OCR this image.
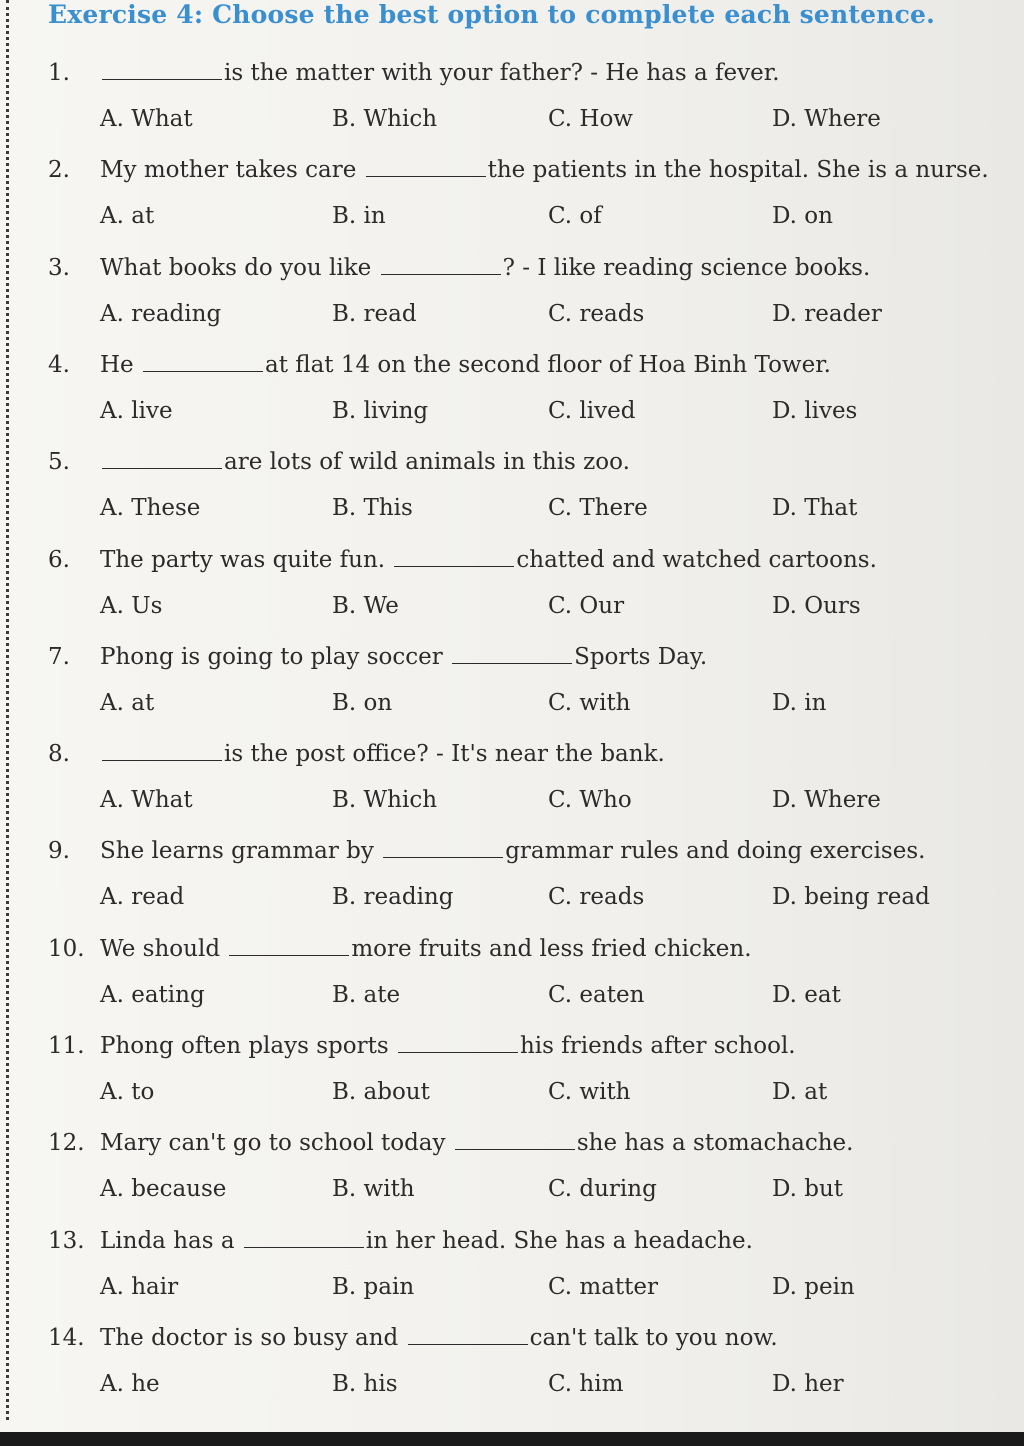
Exercise 4: Choose the best option to complete each sentence.
1.	is the matter with your father? - He has a fever.
A. What	B. Which	C. How	D. Where
2. My mother takes care	the patients in the hospital. She is a nurse.
A. at	B. in	C. of	D. on
3. What books do you like	? - I like reading science books.
A. reading	B. read	C. reads	D. reader
4. He	at flat 14 on the second floor of Hoa Binh Tower.
A. live	B. living	C. lived	D. lives
5.	are lots of wild animals in this zoo.
A. These	B. This	C. There	D. That
6. The party was quite fun.	chatted and watched cartoons.
A. Us	B. We	C. Our	D. Ours
7. Phong is going to play soccer	Sports Day.
A. at	B. on	C. with	D. in
8.	is the post office? - It's near the bank.
A. What	B. Which	C. Who	D. Where
9. She learns grammar by	grammar rules and doing exercises.
A. read	B. reading	C. reads	D. being read
10. We should	more fruits and less fried chicken.
A. eating	B. ate	C. eaten	D. eat
11. Phong often plays sports	his friends after school.
A. to	B. about	C. with	D. at
12. Mary can't go to school today	she has a stomachache.
A. because	B. with	C. during	D. but
13. Linda has a	in her head. She has a headache.
A. hair	B. pain	C. matter	D. pein
14. The doctor is so busy and	can't talk to you now.
A. he	B. his	C. him	D. her
